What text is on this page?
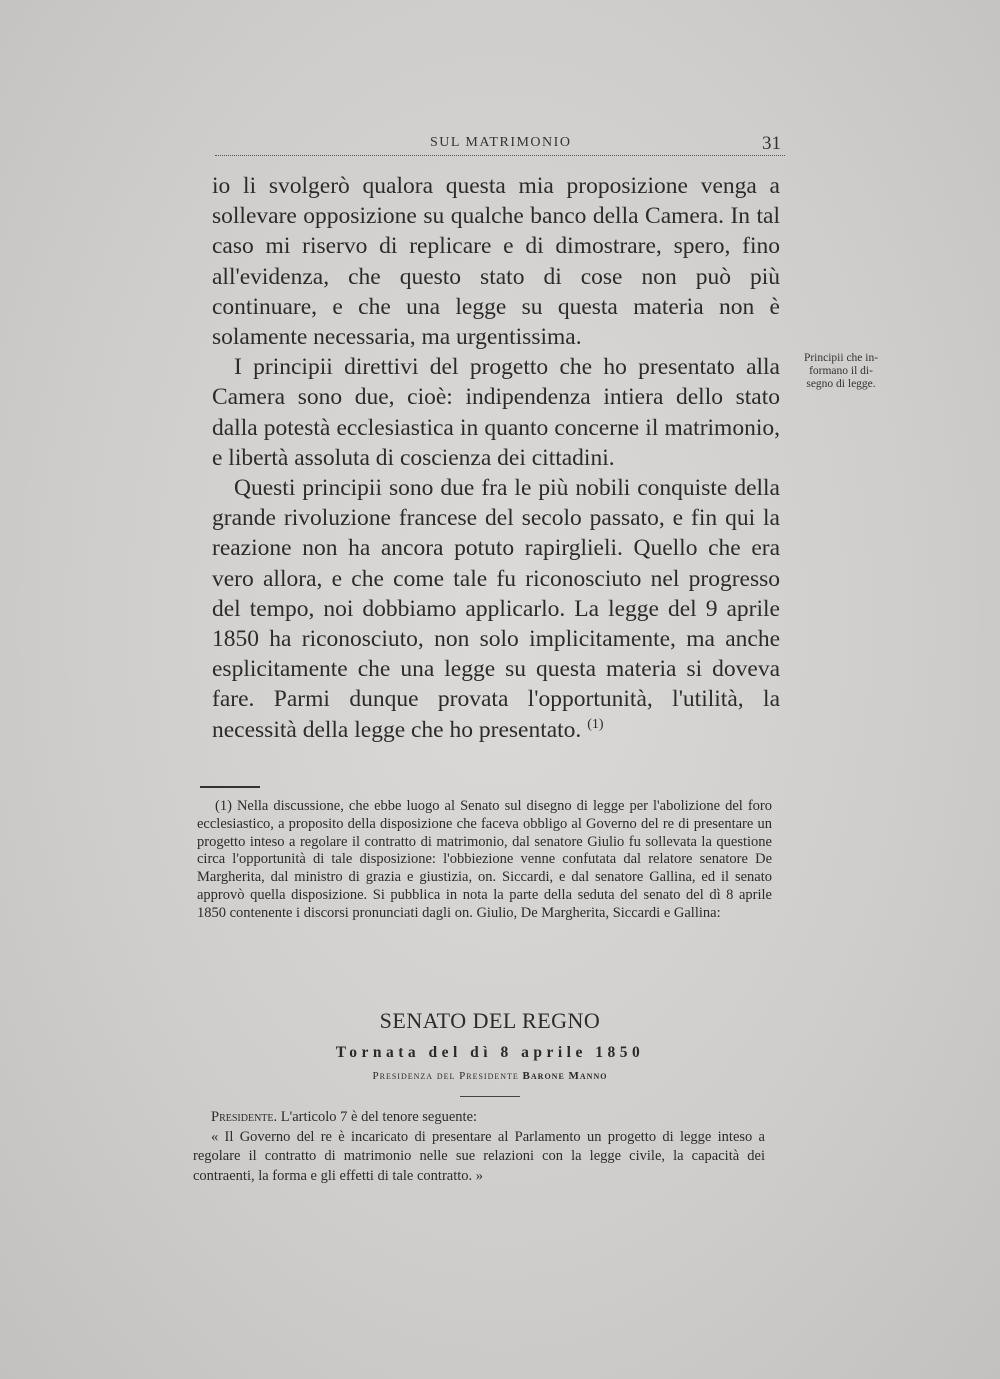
SUL MATRIMONIO	31

io li svolgerò qualora questa mia proposizione venga a sollevare opposizione su qualche banco della Camera. In tal caso mi riservo di replicare e di dimostrare, spero, fino all'evidenza, che questo stato di cose non può più continuare, e che una legge su questa materia non è solamente necessaria, ma urgentissima.

I principii direttivi del progetto che ho presentato alla Camera sono due, cioè: indipendenza intiera dello stato dalla potestà ecclesiastica in quanto concerne il matrimonio, e libertà assoluta di coscienza dei cittadini.

Questi principii sono due fra le più nobili conquiste della grande rivoluzione francese del secolo passato, e fin qui la reazione non ha ancora potuto rapirglieli. Quello che era vero allora, e che come tale fu riconosciuto nel progresso del tempo, noi dobbiamo applicarlo. La legge del 9 aprile 1850 ha riconosciuto, non solo implicitamente, ma anche esplicitamente che una legge su questa materia si doveva fare. Parmi dunque provata l'opportunità, l'utilità, la necessità della legge che ho presentato. $^{(1)}$

Principii che in-
formano il di-
segno di legge.

(1) Nella discussione, che ebbe luogo al Senato sul disegno di legge per l'abolizione del foro ecclesiastico, a proposito della disposizione che faceva obbligo al Governo del re di presentare un progetto inteso a regolare il contratto di matrimonio, dal senatore Giulio fu sollevata la questione circa l'opportunità di tale disposizione: l'obbiezione venne confutata dal relatore senatore De Margherita, dal ministro di grazia e giustizia, on. Siccardi, e dal senatore Gallina, ed il senato approvò quella disposizione. Si pubblica in nota la parte della seduta del senato del dì 8 aprile 1850 contenente i discorsi pronunciati dagli on. Giulio, De Margherita, Siccardi e Gallina:

SENATO DEL REGNO
Tornata del dì 8 aprile 1850
Presidenza del Presidente Barone Manno

Presidente. L'articolo 7 è del tenore seguente:

« Il Governo del re è incaricato di presentare al Parlamento un progetto di legge inteso a regolare il contratto di matrimonio nelle sue relazioni con la legge civile, la capacità dei contraenti, la forma e gli effetti di tale contratto. »
